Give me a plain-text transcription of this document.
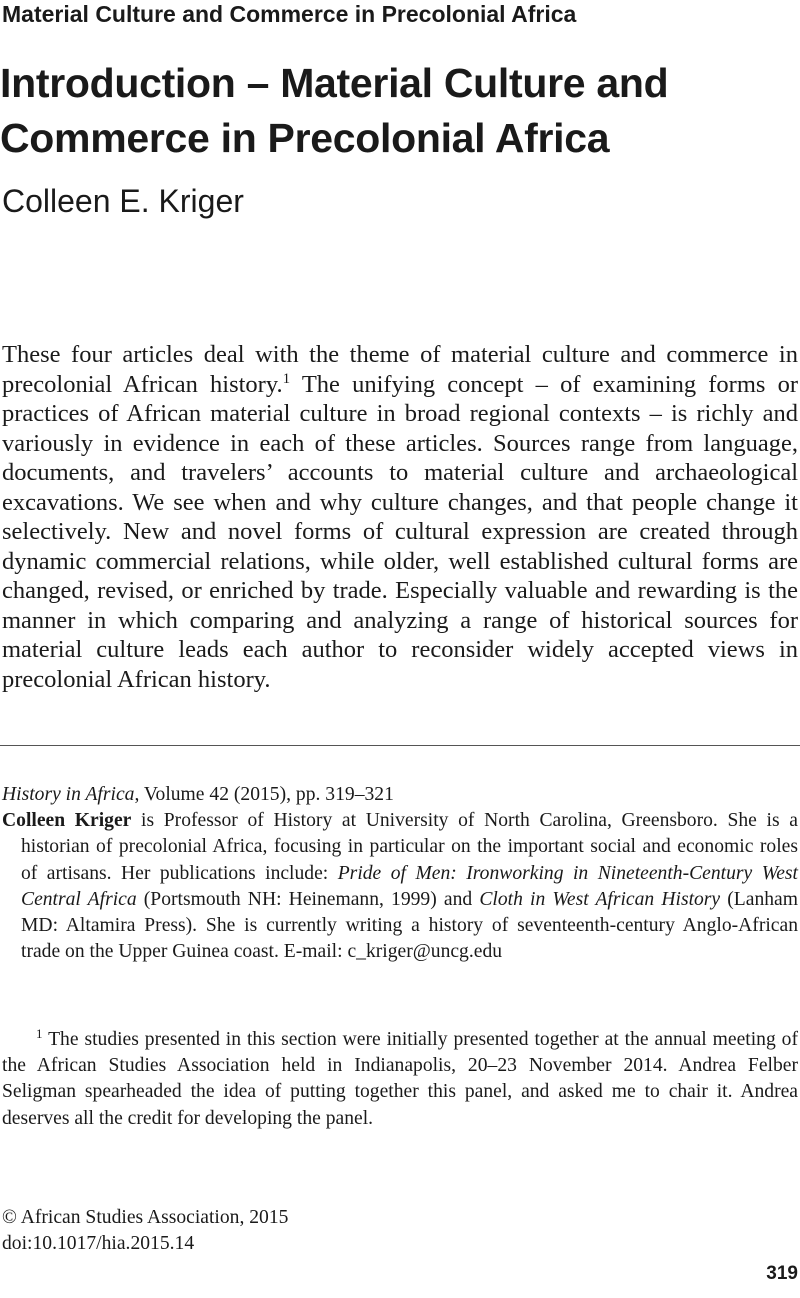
Material Culture and Commerce in Precolonial Africa
Introduction – Material Culture and Commerce in Precolonial Africa
Colleen E. Kriger

These four articles deal with the theme of material culture and commerce in precolonial African history.$^1$ The unifying concept – of examining forms or practices of African material culture in broad regional contexts – is richly and variously in evidence in each of these articles. Sources range from language, documents, and travelers’ accounts to material culture and archaeological excavations. We see when and why culture changes, and that people change it selectively. New and novel forms of cultural expression are created through dynamic commercial relations, while older, well established cultural forms are changed, revised, or enriched by trade. Especially valuable and rewarding is the manner in which comparing and analyzing a range of historical sources for material culture leads each author to reconsider widely accepted views in precolonial African history.

History in Africa, Volume 42 (2015), pp. 319–321

Colleen Kriger is Professor of History at University of North Carolina, Greensboro. She is a historian of precolonial Africa, focusing in particular on the important social and economic roles of artisans. Her publications include: Pride of Men: Ironworking in Nineteenth-Century West Central Africa (Portsmouth NH: Heinemann, 1999) and Cloth in West African History (Lanham MD: Altamira Press). She is currently writing a history of seventeenth-century Anglo-African trade on the Upper Guinea coast. E-mail: c_kriger@uncg.edu

$^1$ The studies presented in this section were initially presented together at the annual meeting of the African Studies Association held in Indianapolis, 20–23 November 2014. Andrea Felber Seligman spearheaded the idea of putting together this panel, and asked me to chair it. Andrea deserves all the credit for developing the panel.

© African Studies Association, 2015

doi:10.1017/hia.2015.14

319
